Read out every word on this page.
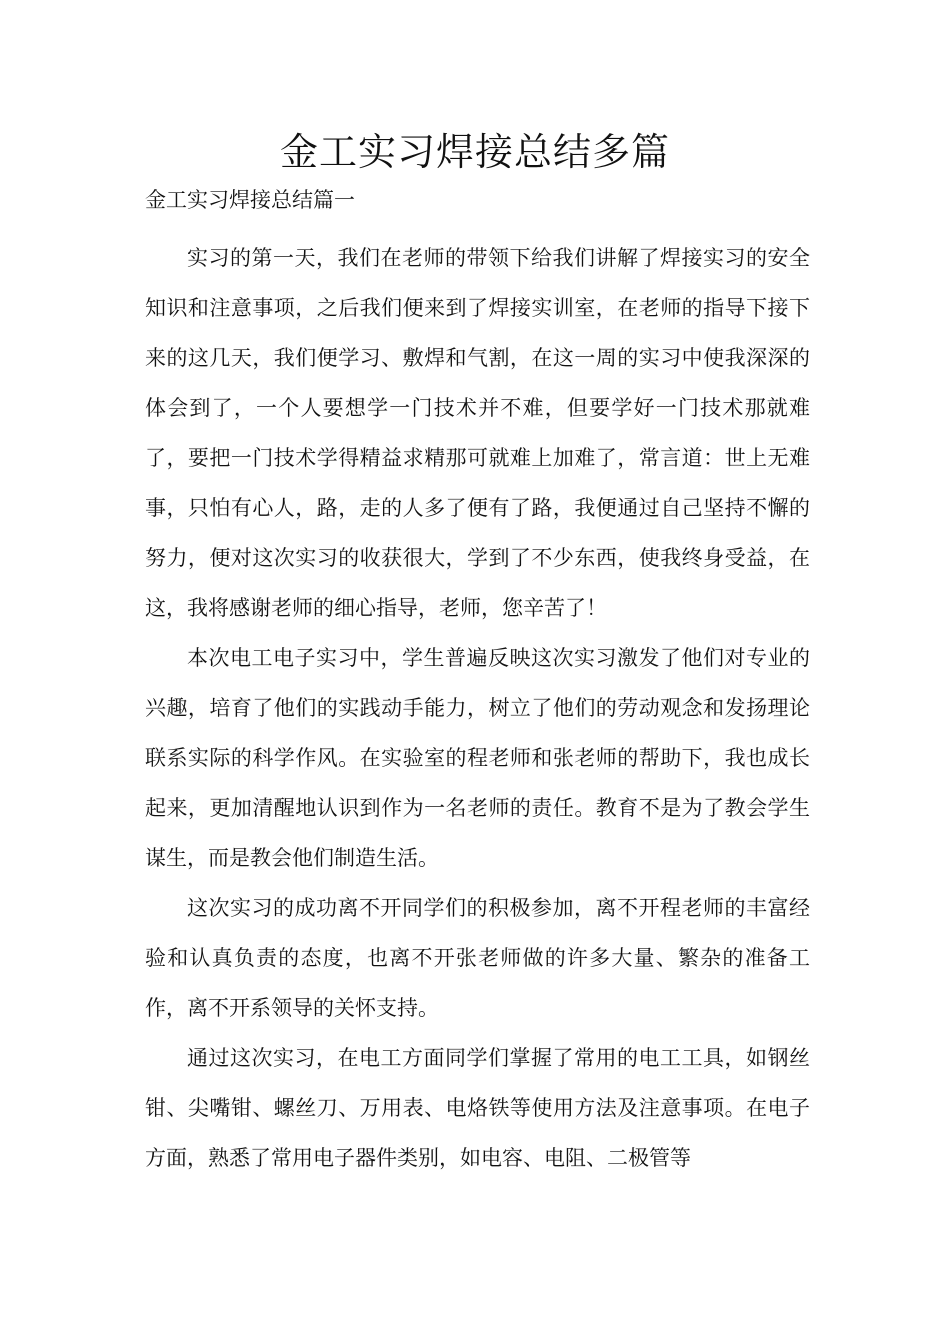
金工实习焊接总结多篇

金工实习焊接总结篇一

实习的第一天，我们在老师的带领下给我们讲解了焊接实习的安全知识和注意事项，之后我们便来到了焊接实训室，在老师的指导下接下来的这几天，我们便学习、敷焊和气割，在这一周的实习中使我深深的体会到了，一个人要想学一门技术并不难，但要学好一门技术那就难了，要把一门技术学得精益求精那可就难上加难了，常言道：世上无难事，只怕有心人，路，走的人多了便有了路，我便通过自己坚持不懈的努力，便对这次实习的收获很大，学到了不少东西，使我终身受益，在这，我将感谢老师的细心指导，老师，您辛苦了！

本次电工电子实习中，学生普遍反映这次实习激发了他们对专业的兴趣，培育了他们的实践动手能力，树立了他们的劳动观念和发扬理论联系实际的科学作风。在实验室的程老师和张老师的帮助下，我也成长起来，更加清醒地认识到作为一名老师的责任。教育不是为了教会学生谋生，而是教会他们制造生活。

这次实习的成功离不开同学们的积极参加，离不开程老师的丰富经验和认真负责的态度，也离不开张老师做的许多大量、繁杂的准备工作，离不开系领导的关怀支持。

通过这次实习，在电工方面同学们掌握了常用的电工工具，如钢丝钳、尖嘴钳、螺丝刀、万用表、电烙铁等使用方法及注意事项。在电子方面，熟悉了常用电子器件类别，如电容、电阻、二极管等
